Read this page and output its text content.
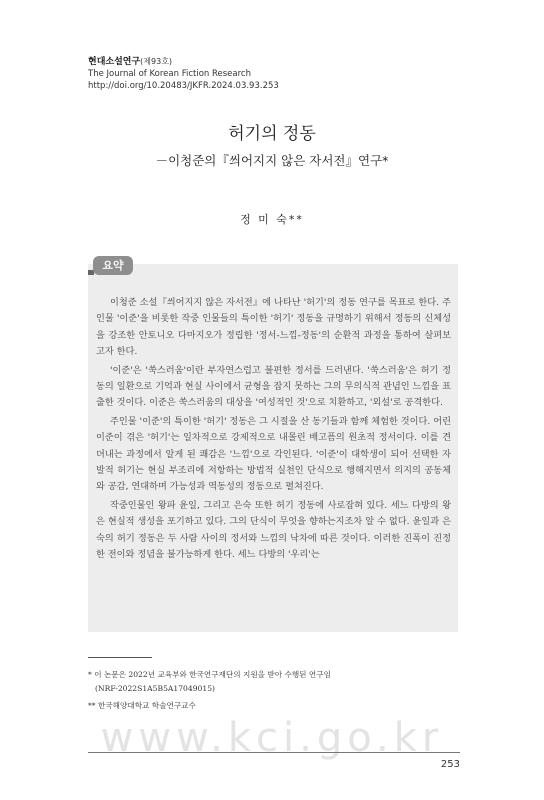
현대소설연구(제93호)
The Journal of Korean Fiction Research
http://doi.org/10.20483/JKFR.2024.03.93.253
허기의 정동
－이청준의『씌어지지 않은 자서전』연구*
정 미 숙**
요약

이청준 소설『씌어지지 않은 자서전』에 나타난 '허기'의 정동 연구를 목표로 한다. 주인물 '이준'을 비롯한 작중 인물들의 특이한 '허기' 정동을 규명하기 위해서 정동의 신체성을 강조한 안토니오 다마지오가 정립한 '정서-느낌-정동'의 순환적 과정을 통하여 살펴보고자 한다.

'이준'은 '쑥스러움'이란 부자연스럽고 불편한 정서를 드러낸다. '쑥스러움'은 허기 정동의 일환으로 기억과 현실 사이에서 균형을 잡지 못하는 그의 무의식적 관념인 느낌을 표출한 것이다. 이준은 쑥스러움의 대상을 '여성적인 것'으로 치환하고, '외설'로 공격한다.

주인물 '이준'의 특이한 '허기' 정동은 그 시절을 산 동기들과 함께 체험한 것이다. 어린 이준이 겪은 '허기'는 일차적으로 강제적으로 내몰린 배고픔의 원초적 정서이다. 이를 견뎌내는 과정에서 알게 된 쾌감은 '느낌'으로 각인된다. '이준'이 대학생이 되어 선택한 자발적 허기는 현실 부조리에 저항하는 방법적 실천인 단식으로 행해지면서 의지의 공동체와 공감, 연대하며 가능성과 역동성의 정동으로 펼쳐진다.

작중인물인 왕파 윤일, 그리고 은숙 또한 허기 정동에 사로잡혀 있다. 세느 다방의 왕은 현실적 생성을 포기하고 있다. 그의 단식이 무엇을 향하는지조차 알 수 없다. 윤일과 은숙의 허기 정동은 두 사람 사이의 정서와 느낌의 낙차에 따른 것이다. 이러한 진폭이 진정한 전이와 정념을 불가능하게 한다. 세느 다방의 '우리'는

* 이 논문은 2022년 교육부와 한국연구재단의 지원을 받아 수행된 연구임
(NRF-2022S1A5B5A17049015)
** 한국해양대학교 학술연구교수
www.kci.go.kr
253
